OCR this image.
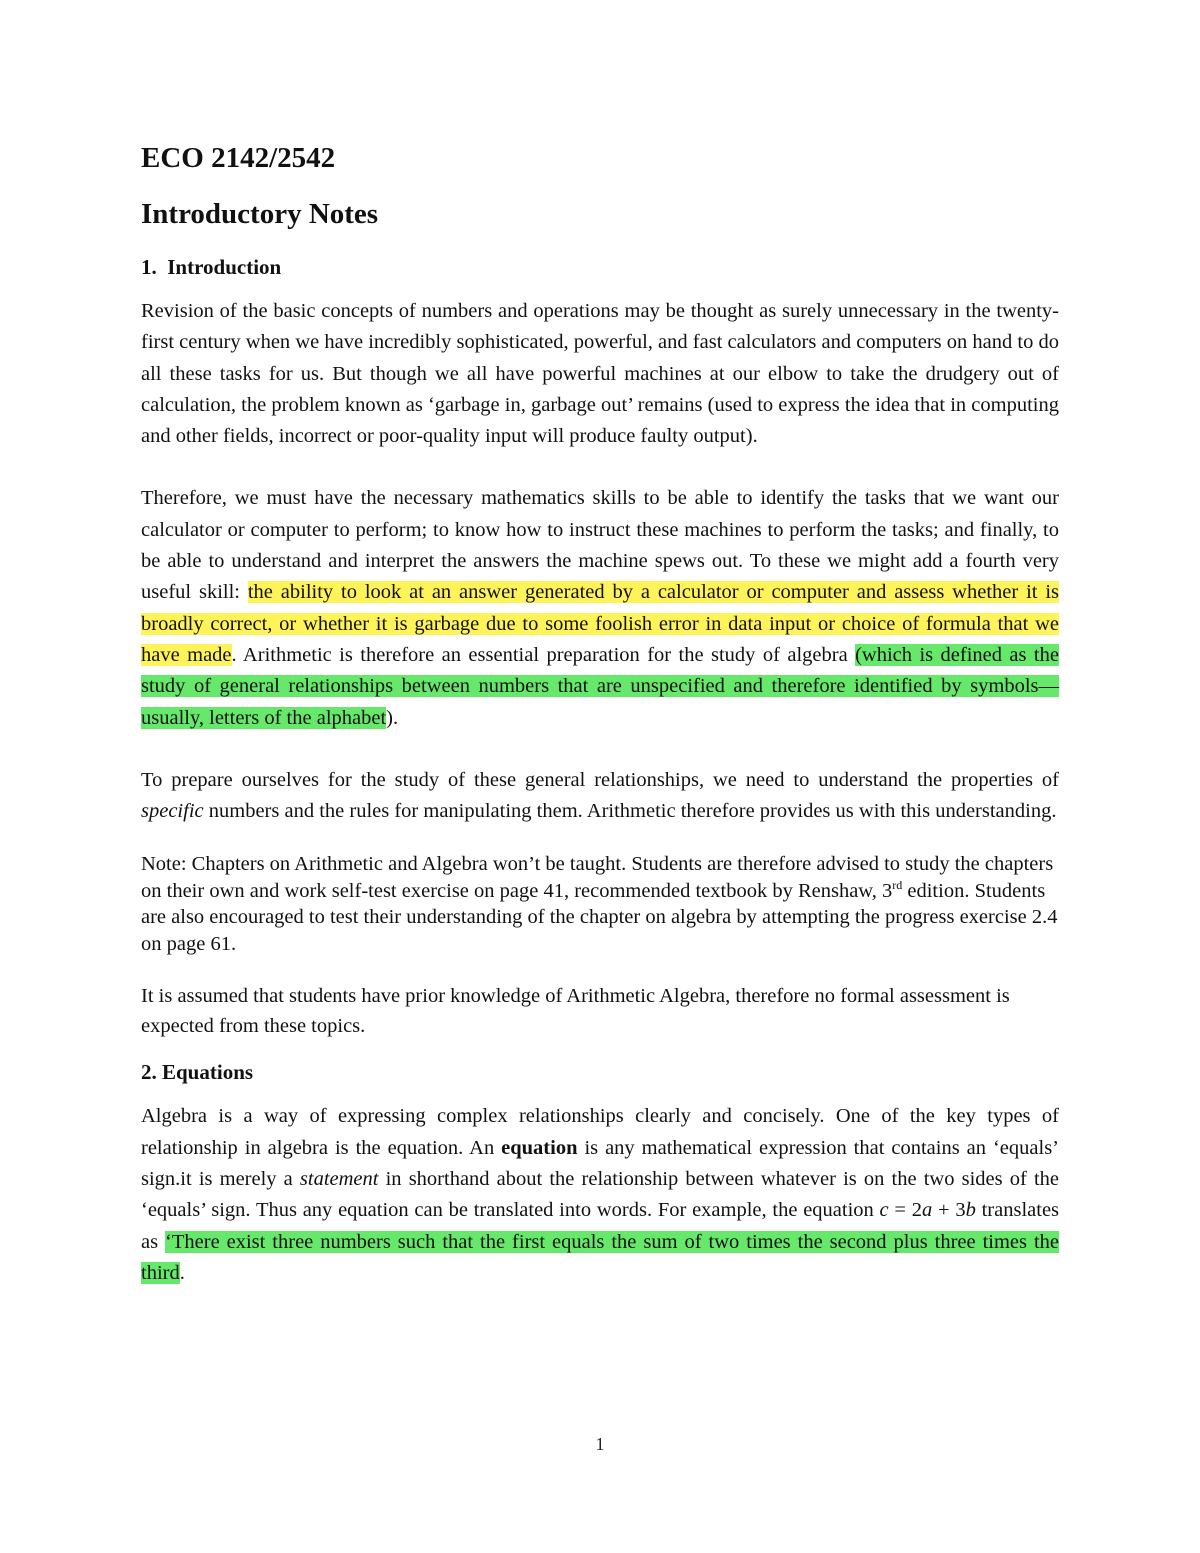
ECO 2142/2542
Introductory Notes
1. Introduction

Revision of the basic concepts of numbers and operations may be thought as surely unnecessary in the twenty-first century when we have incredibly sophisticated, powerful, and fast calculators and computers on hand to do all these tasks for us. But though we all have powerful machines at our elbow to take the drudgery out of calculation, the problem known as ‘garbage in, garbage out’ remains (used to express the idea that in computing and other fields, incorrect or poor-quality input will produce faulty output).

Therefore, we must have the necessary mathematics skills to be able to identify the tasks that we want our calculator or computer to perform; to know how to instruct these machines to perform the tasks; and finally, to be able to understand and interpret the answers the machine spews out. To these we might add a fourth very useful skill: the ability to look at an answer generated by a calculator or computer and assess whether it is broadly correct, or whether it is garbage due to some foolish error in data input or choice of formula that we have made. Arithmetic is therefore an essential preparation for the study of algebra (which is defined as the study of general relationships between numbers that are unspecified and therefore identified by symbols—usually, letters of the alphabet).

To prepare ourselves for the study of these general relationships, we need to understand the properties of specific numbers and the rules for manipulating them. Arithmetic therefore provides us with this understanding.

Note: Chapters on Arithmetic and Algebra won’t be taught. Students are therefore advised to study the chapters on their own and work self-test exercise on page 41, recommended textbook by Renshaw, 3rd edition. Students are also encouraged to test their understanding of the chapter on algebra by attempting the progress exercise 2.4 on page 61.

It is assumed that students have prior knowledge of Arithmetic Algebra, therefore no formal assessment is expected from these topics.

2. Equations

Algebra is a way of expressing complex relationships clearly and concisely. One of the key types of relationship in algebra is the equation. An equation is any mathematical expression that contains an ‘equals’ sign.it is merely a statement in shorthand about the relationship between whatever is on the two sides of the ‘equals’ sign. Thus any equation can be translated into words. For example, the equation c = 2a + 3b translates as ‘There exist three numbers such that the first equals the sum of two times the second plus three times the third.

1
